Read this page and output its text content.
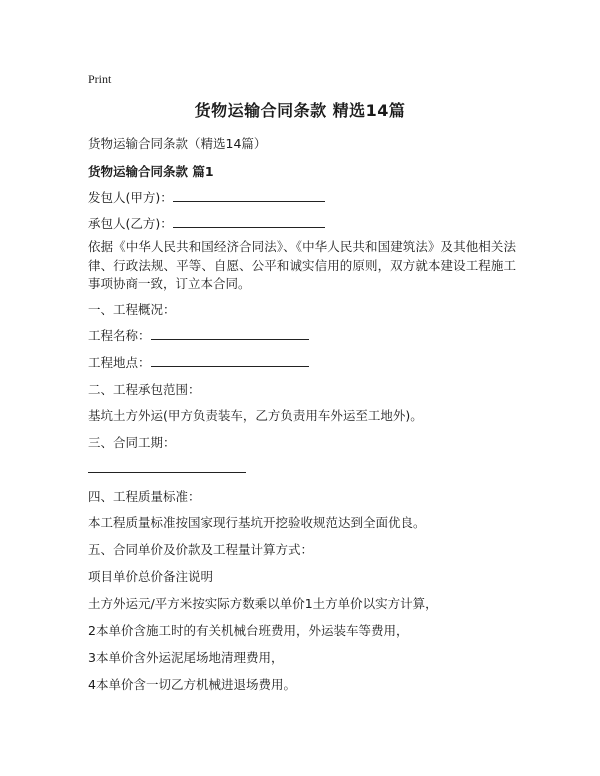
Print
货物运输合同条款 精选14篇
货物运输合同条款（精选14篇）
货物运输合同条款 篇1
发包人(甲方)：
承包人(乙方)：
依据《中华人民共和国经济合同法》、《中华人民共和国建筑法》及其他相关法律、行政法规、平等、自愿、公平和诚实信用的原则，双方就本建设工程施工事项协商一致，订立本合同。
一、工程概况：
工程名称：
工程地点：
二、工程承包范围：
基坑土方外运(甲方负责装车，乙方负责用车外运至工地外)。
三、合同工期：
四、工程质量标准：
本工程质量标准按国家现行基坑开挖验收规范达到全面优良。
五、合同单价及价款及工程量计算方式：
项目单价总价备注说明
土方外运元/平方米按实际方数乘以单价1土方单价以实方计算，
2本单价含施工时的有关机械台班费用，外运装车等费用，
3本单价含外运泥尾场地清理费用，
4本单价含一切乙方机械进退场费用。
